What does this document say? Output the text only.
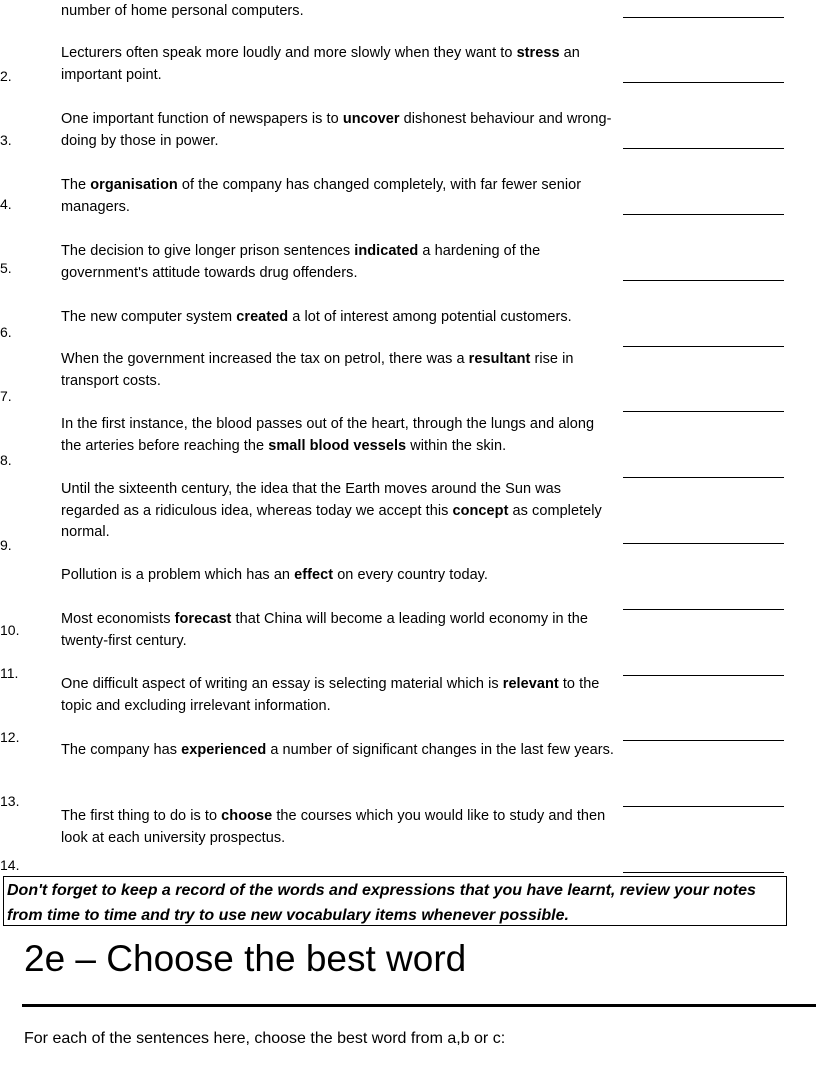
number of home personal computers.
Lecturers often speak more loudly and more slowly when they want to stress an important point.
One important function of newspapers is to uncover dishonest behaviour and wrong-doing by those in power.
The organisation of the company has changed completely, with far fewer senior managers.
The decision to give longer prison sentences indicated a hardening of the government's attitude towards drug offenders.
The new computer system created a lot of interest among potential customers.
When the government increased the tax on petrol, there was a resultant rise in transport costs.
In the first instance, the blood passes out of the heart, through the lungs and along the arteries before reaching the small blood vessels within the skin.
Until the sixteenth century, the idea that the Earth moves around the Sun was regarded as a ridiculous idea, whereas today we accept this concept as completely normal.
Pollution is a problem which has an effect on every country today.
Most economists forecast that China will become a leading world economy in the twenty-first century.
One difficult aspect of writing an essay is selecting material which is relevant to the topic and excluding irrelevant information.
The company has experienced a number of significant changes in the last few years.
The first thing to do is to choose the courses which you would like to study and then look at each university prospectus.
2.
3.
4.
5.
6.
7.
8.
9.
10.
11.
12.
13.
14.
Don't forget to keep a record of the words and expressions that you have learnt, review your notes from time to time and try to use new vocabulary items whenever possible.
2e – Choose the best word
For each of the sentences here, choose the best word from a,b or c:
